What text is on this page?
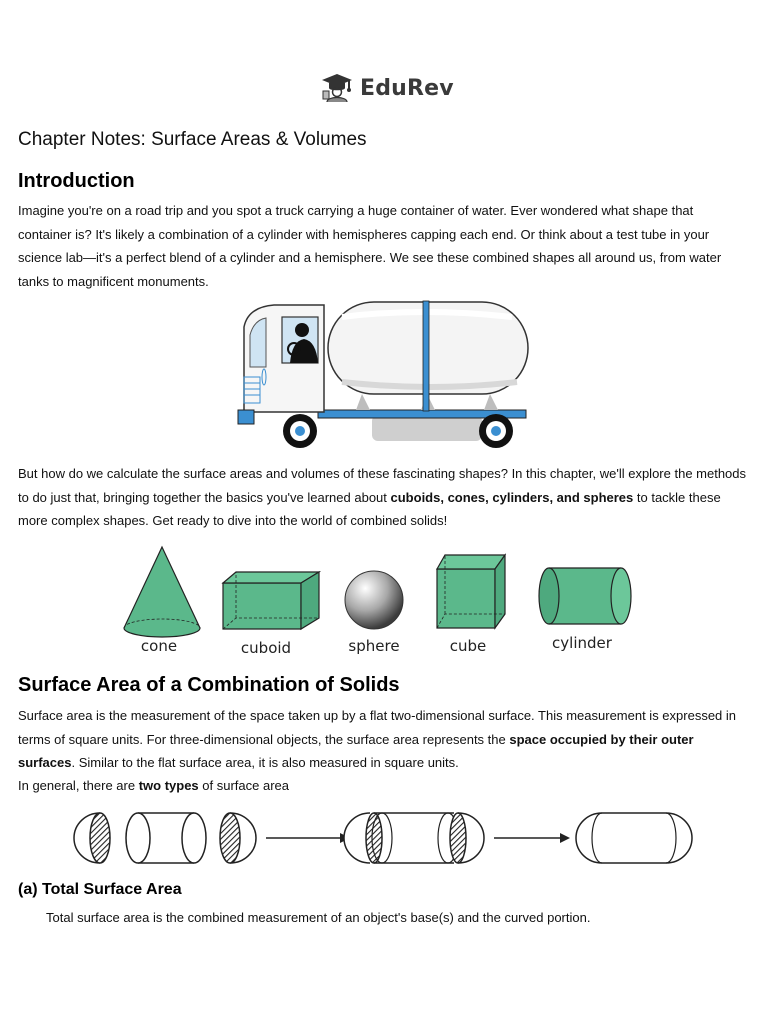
EduRev
Chapter Notes: Surface Areas & Volumes
Introduction

Imagine you're on a road trip and you spot a truck carrying a huge container of water. Ever wondered what shape that container is? It's likely a combination of a cylinder with hemispheres capping each end. Or think about a test tube in your science lab—it's a perfect blend of a cylinder and a hemisphere. We see these combined shapes all around us, from water tanks to magnificent monuments.

But how do we calculate the surface areas and volumes of these fascinating shapes? In this chapter, we'll explore the methods to do just that, bringing together the basics you've learned about cuboids, cones, cylinders, and spheres to tackle these more complex shapes. Get ready to dive into the world of combined solids!

cone	cuboid	sphere	cube	cylinder
Surface Area of a Combination of Solids

Surface area is the measurement of the space taken up by a flat two-dimensional surface. This measurement is expressed in terms of square units. For three-dimensional objects, the surface area represents the space occupied by their outer surfaces. Similar to the flat surface area, it is also measured in square units.

In general, there are two types of surface area

(a) Total Surface Area

Total surface area is the combined measurement of an object's base(s) and the curved portion.
